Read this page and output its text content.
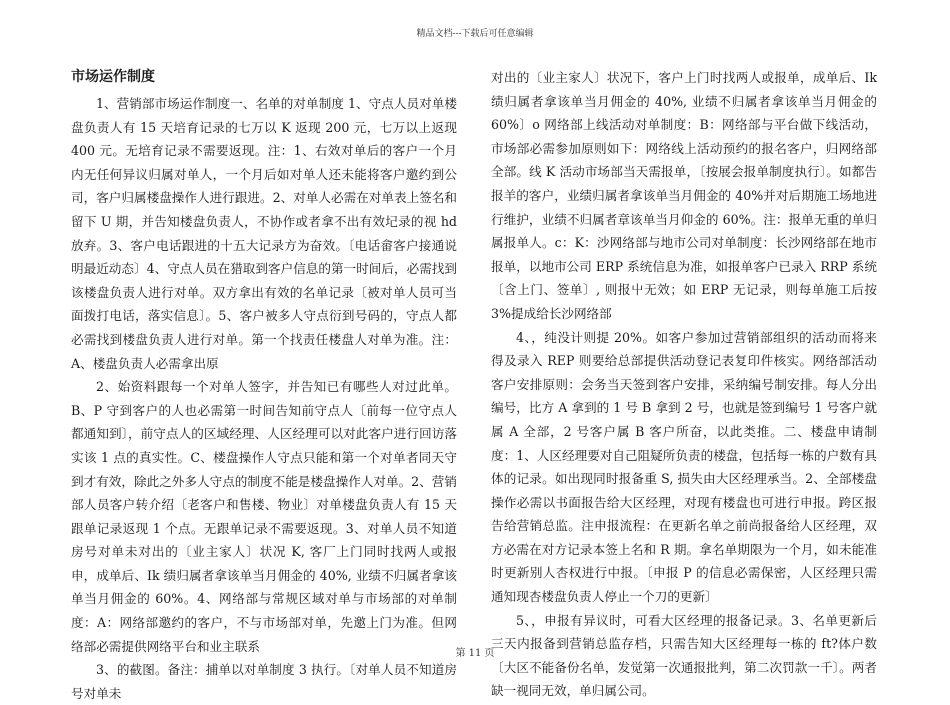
精品文档---下载后可任意编辑

市场运作制度

1、营销部市场运作制度一、名单的对单制度 1、守点人员对单楼盘负责人有 15 天培育记录的七万以 K 返现 200 元，七万以上返现 400 元。无培育记录不需要返现。注：1、右效对单后的客户一个月内无任何异议归属对单人，一个月后如对单人还未能将客户邀约到公司，客户归属楼盘操作人进行跟进。2、对单人必需在对单表上签名和留下 U 期，并告知楼盘负责人，不协作或者拿不出有效圮录的视 hd 放弃。3、客户电话跟进的十五大记录方为奋效。〔电话畲客户接通说明最近动态〕4、守点人员在猎取到客户信息的第一时间后，必需找到该楼盘负责人进行对单。双方拿出有效的名单记录〔被对单人员可当面拨打电话，落实信息〕。5、客户被多人守点衍到号码的，守点人都必需找到楼盘负责人进行对单。第一个找责任楼盘人对单为准。注：A、楼盘负责人必需拿出原

2、始资料跟每一个对单人签字，并告知已有哪些人对过此单。B、P 守到客户的人也必需第一时间告知前守点人〔前每一位守点人都通知到〕，前守点人的区域经理、人区经理可以对此客户进行回访落实该 1 点的真实性。C、楼盘操作人守点只能和第一个对单者同天守到才有效，除此之外多人守点的制度不能是楼盘操作人对单。2、营销部人员客户转介绍〔老客户和售楼、物业〕对单楼盘负责人有 15 天跟单记录返现 1 个点。无跟单记录不需要返现。3、对单人员不知道房号对单未对出的〔业主家人〕状况 K, 客厂上门同时找两人或报申，成单后、Ik 绩归属者拿该单当月佣金的 40%, 业绩不归属者拿该单当月佣金的 60%。4、网络部与常规区域对单与市场部的对单制度：A：网络部邀约的客户，不与市场部对单，先邀上门为准。但网络部必需提供网络平台和业主联系

3、的截图。备注：捕单以对单制度 3 执行。〔对单人员不知道房号对单未

对出的〔业主家人〕状况下，客户上门时找两人或报单，成单后、Ik 绩归属者拿该单当月佣金的 40%, 业绩不归属者拿该单当月佣金的 60%〕o 网络部上线活动对单制度：B：网络部与平台做下线活动，市场部必需参加原则如下：网络线上活动预约的报名客户，归网络部全部。线 K 活动市场部当天需报单，〔按展会报单制度执行〕。如都告报羊的客户，业绩归属者拿该单当月佣金的 40%并对后期施工场地进行维护，业绩不归属者章该单当月仰金的 60%。注：报单无重的单归属报单人。c：K：沙网络部与地市公司对单制度：长沙网络部在地市报单，以地市公司 ERP 系统信息为准，如报单客户已录入 RRP 系统〔含上门、签单〕, 则报屮无效；如 ERP 无记录，则每单施工后按 3%提成给长沙网络部

4、，纯没计则提 20%。如客户参加过营销部组织的活动而将来得及录入 REP 则要给总部提供活动登记表复印件核实。网络部活动客户安排原则：会务当天签到客户安排，采纳编号制安排。每人分出编号，比方 A 拿到的 1 号 B 拿到 2 号，也就是签到编号 1 号客户就属 A 全部，2 号客户属 B 客户所奋，以此类推。二、楼盘申请制度：1、人区经理要对自己阻疑所负责的楼盘，包括每一栋的户数有具体的记录。如出现同时报备重 S, 损失由大区经理承当。2、全部楼盘操作必需以书面报告给大区经理，对现有楼盘也可进行申报。跨区报告给营销总监。注申报流程：在更新名单之前尚报备给人区经理，双方必需在对方记录本签上名和 R 期。拿名单期限为一个月，如未能准时更新别人杏权进行中报。〔申报 P 的信息必需保密，人区经理只需通知现杏楼盘负责人停止一个刀的更新〕

5、，申报有异议时，可看大区经理的报备记录。3、名单更新后三天内报备到营销总监存档，只需告知大区经理每一栋的 ft?体户数〔大区不能备份名单，发觉第一次通报批判，第二次罚款一千〕。两者缺一视同无效，单归属公司。

第 11 页
